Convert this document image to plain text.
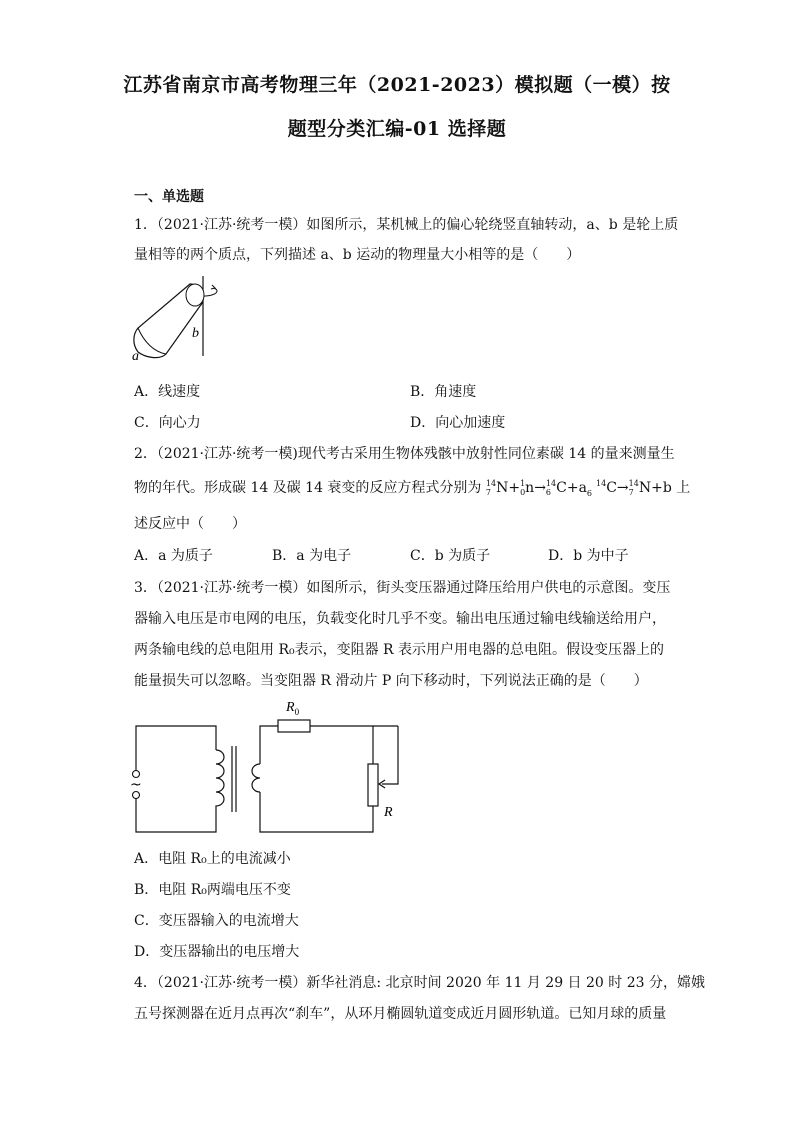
江苏省南京市高考物理三年（2021-2023）模拟题（一模）按
题型分类汇编-01 选择题
一、单选题
1．（2021·江苏·统考一模）如图所示，某机械上的偏心轮绕竖直轴转动，a、b 是轮上质
量相等的两个质点，下列描述 a、b 运动的物理量大小相等的是（　　）
b
a
A．线速度	B．角速度
C．向心力	D．向心加速度
2．（2021·江苏·统考一模)现代考古采用生物体残骸中放射性同位素碳 14 的量来测量生
物的年代。形成碳 14 及碳 14 衰变的反应方程式分别为 14
7 N+ 1
0 n→ 14
6 $C+a_6^{14}C\to 14$
7 N+b 上
述反应中（　　）
A．a 为质子	B．a 为电子	C．b 为质子	D．b 为中子
3．（2021·江苏·统考一模）如图所示，街头变压器通过降压给用户供电的示意图。变压
器输入电压是市电网的电压，负载变化时几乎不变。输出电压通过输电线输送给用户，
两条输电线的总电阻用 R₀表示，变阻器 R 表示用户用电器的总电阻。假设变压器上的
能量损失可以忽略。当变阻器 R 滑动片 P 向下移动时，下列说法正确的是（　　）
~
$R_0$
R
A．电阻 R₀上的电流减小
B．电阻 R₀两端电压不变
C．变压器输入的电流增大
D．变压器输出的电压增大
4．（2021·江苏·统考一模）新华社消息: 北京时间 2020 年 11 月 29 日 20 时 23 分，嫦娥
五号探测器在近月点再次“刹车”，从环月椭圆轨道变成近月圆形轨道。已知月球的质量
